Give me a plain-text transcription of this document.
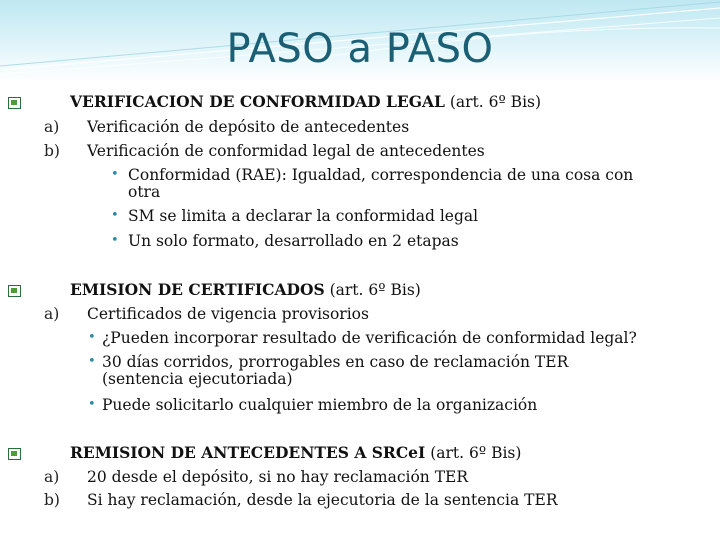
PASO a PASO
VERIFICACION DE CONFORMIDAD LEGAL (art. 6º Bis)
a) Verificación de depósito de antecedentes
b) Verificación de conformidad legal de antecedentes
• Conformidad (RAE): Igualdad, correspondencia de una cosa con
otra
• SM se limita a declarar la conformidad legal
• Un solo formato, desarrollado en 2 etapas
EMISION DE CERTIFICADOS (art. 6º Bis)
a) Certificados de vigencia provisorios
• ¿Pueden incorporar resultado de verificación de conformidad legal?
• 30 días corridos, prorrogables en caso de reclamación TER
(sentencia ejecutoriada)
• Puede solicitarlo cualquier miembro de la organización
REMISION DE ANTECEDENTES A SRCeI (art. 6º Bis)
a) 20 desde el depósito, si no hay reclamación TER
b) Si hay reclamación, desde la ejecutoria de la sentencia TER
